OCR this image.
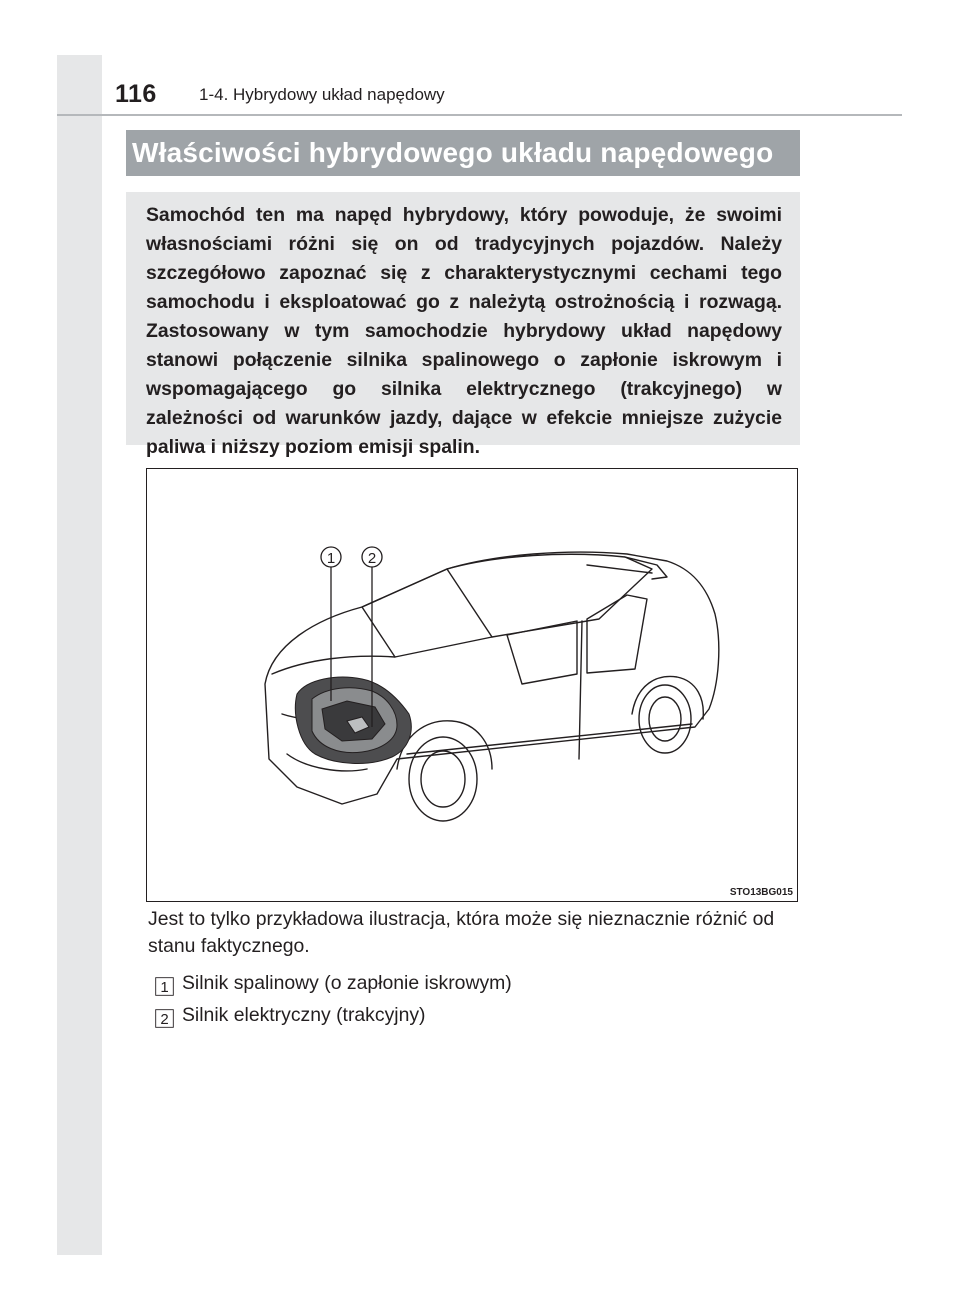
116 1-4. Hybrydowy układ napędowy
Właściwości hybrydowego układu napędowego

Samochód ten ma napęd hybrydowy, który powoduje, że swoimi własnościami różni się on od tradycyjnych pojazdów. Należy szczegółowo zapoznać się z charakterystycznymi cechami tego samochodu i eksploatować go z należytą ostrożnością i rozwagą. Zastosowany w tym samochodzie hybrydowy układ napędowy stanowi połączenie silnika spalinowego o zapłonie iskrowym i wspomagającego go silnika elektrycznego (trakcyjnego) w zależności od warunków jazdy, dające w efekcie mniejsze zużycie paliwa i niższy poziom emisji spalin.

1 2
STO13BG015

Jest to tylko przykładowa ilustracja, która może się nieznacznie różnić od stanu faktycznego.

1 Silnik spalinowy (o zapłonie iskrowym)
2 Silnik elektryczny (trakcyjny)
